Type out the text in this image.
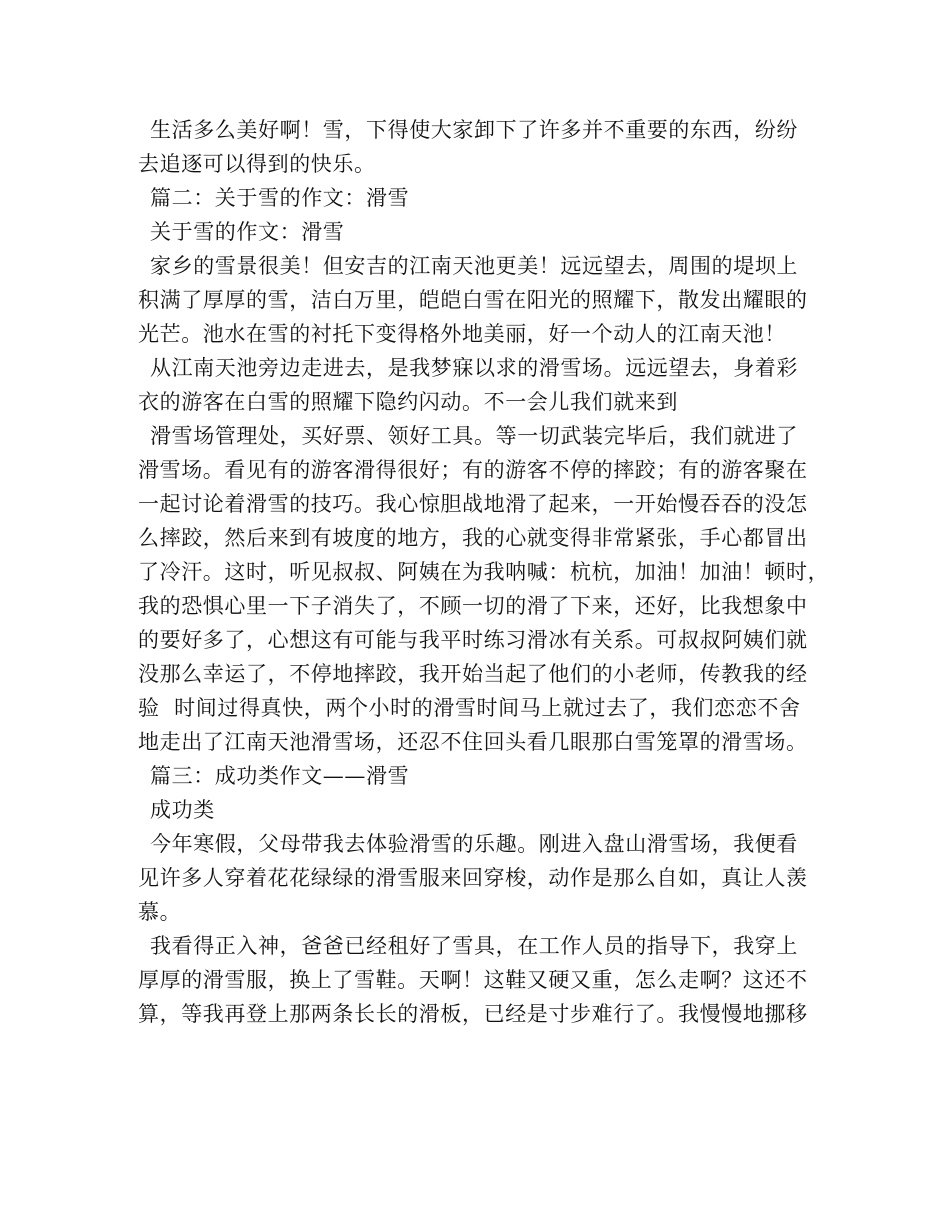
生活多么美好啊！雪，下得使大家卸下了许多并不重要的东西，纷纷
去追逐可以得到的快乐。
篇二：关于雪的作文：滑雪
关于雪的作文：滑雪
家乡的雪景很美！但安吉的江南天池更美！远远望去，周围的堤坝上
积满了厚厚的雪，洁白万里，皑皑白雪在阳光的照耀下，散发出耀眼的
光芒。池水在雪的衬托下变得格外地美丽，好一个动人的江南天池！
从江南天池旁边走进去，是我梦寐以求的滑雪场。远远望去，身着彩
衣的游客在白雪的照耀下隐约闪动。不一会儿我们就来到
滑雪场管理处，买好票、领好工具。等一切武装完毕后，我们就进了
滑雪场。看见有的游客滑得很好；有的游客不停的摔跤；有的游客聚在
一起讨论着滑雪的技巧。我心惊胆战地滑了起来，一开始慢吞吞的没怎
么摔跤，然后来到有坡度的地方，我的心就变得非常紧张，手心都冒出
了冷汗。这时，听见叔叔、阿姨在为我呐喊：杭杭，加油！加油！顿时，
我的恐惧心里一下子消失了，不顾一切的滑了下来，还好，比我想象中
的要好多了，心想这有可能与我平时练习滑冰有关系。可叔叔阿姨们就
没那么幸运了，不停地摔跤，我开始当起了他们的小老师，传教我的经
验  时间过得真快，两个小时的滑雪时间马上就过去了，我们恋恋不舍
地走出了江南天池滑雪场，还忍不住回头看几眼那白雪笼罩的滑雪场。
篇三：成功类作文——滑雪
成功类
今年寒假，父母带我去体验滑雪的乐趣。刚进入盘山滑雪场，我便看
见许多人穿着花花绿绿的滑雪服来回穿梭，动作是那么自如，真让人羡
慕。
我看得正入神，爸爸已经租好了雪具，在工作人员的指导下，我穿上
厚厚的滑雪服，换上了雪鞋。天啊！这鞋又硬又重，怎么走啊？这还不
算，等我再登上那两条长长的滑板，已经是寸步难行了。我慢慢地挪移
